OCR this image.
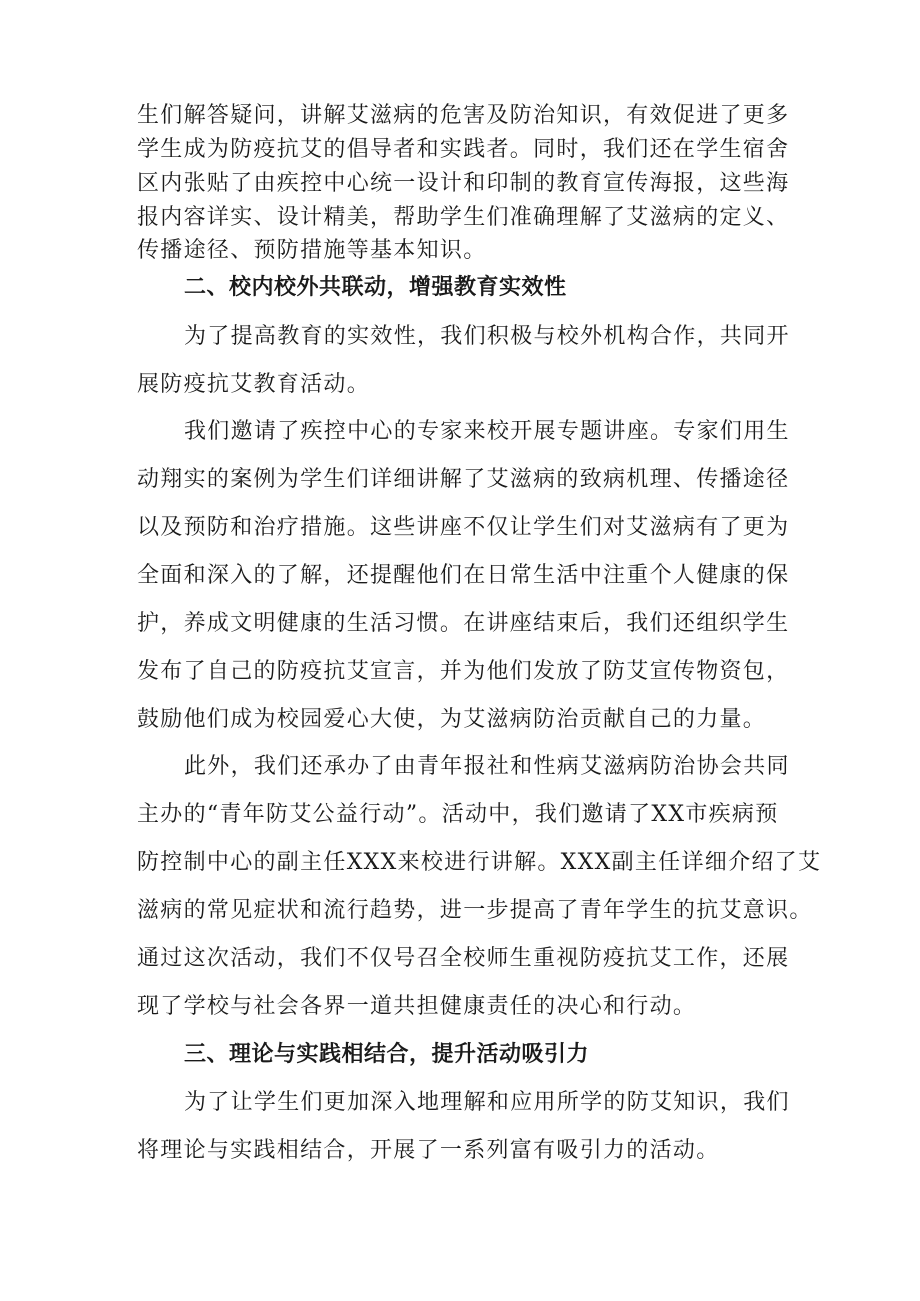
生们解答疑问，讲解艾滋病的危害及防治知识，有效促进了更多
学生成为防疫抗艾的倡导者和实践者。同时，我们还在学生宿舍
区内张贴了由疾控中心统一设计和印制的教育宣传海报，这些海
报内容详实、设计精美，帮助学生们准确理解了艾滋病的定义、
传播途径、预防措施等基本知识。
二、校内校外共联动，增强教育实效性
为了提高教育的实效性，我们积极与校外机构合作，共同开
展防疫抗艾教育活动。
我们邀请了疾控中心的专家来校开展专题讲座。专家们用生
动翔实的案例为学生们详细讲解了艾滋病的致病机理、传播途径
以及预防和治疗措施。这些讲座不仅让学生们对艾滋病有了更为
全面和深入的了解，还提醒他们在日常生活中注重个人健康的保
护，养成文明健康的生活习惯。在讲座结束后，我们还组织学生
发布了自己的防疫抗艾宣言，并为他们发放了防艾宣传物资包，
鼓励他们成为校园爱心大使，为艾滋病防治贡献自己的力量。
此外，我们还承办了由青年报社和性病艾滋病防治协会共同
主办的“青年防艾公益行动”。活动中，我们邀请了XX市疾病预
防控制中心的副主任XXX来校进行讲解。XXX副主任详细介绍了艾
滋病的常见症状和流行趋势，进一步提高了青年学生的抗艾意识。
通过这次活动，我们不仅号召全校师生重视防疫抗艾工作，还展
现了学校与社会各界一道共担健康责任的决心和行动。
三、理论与实践相结合，提升活动吸引力
为了让学生们更加深入地理解和应用所学的防艾知识，我们
将理论与实践相结合，开展了一系列富有吸引力的活动。
